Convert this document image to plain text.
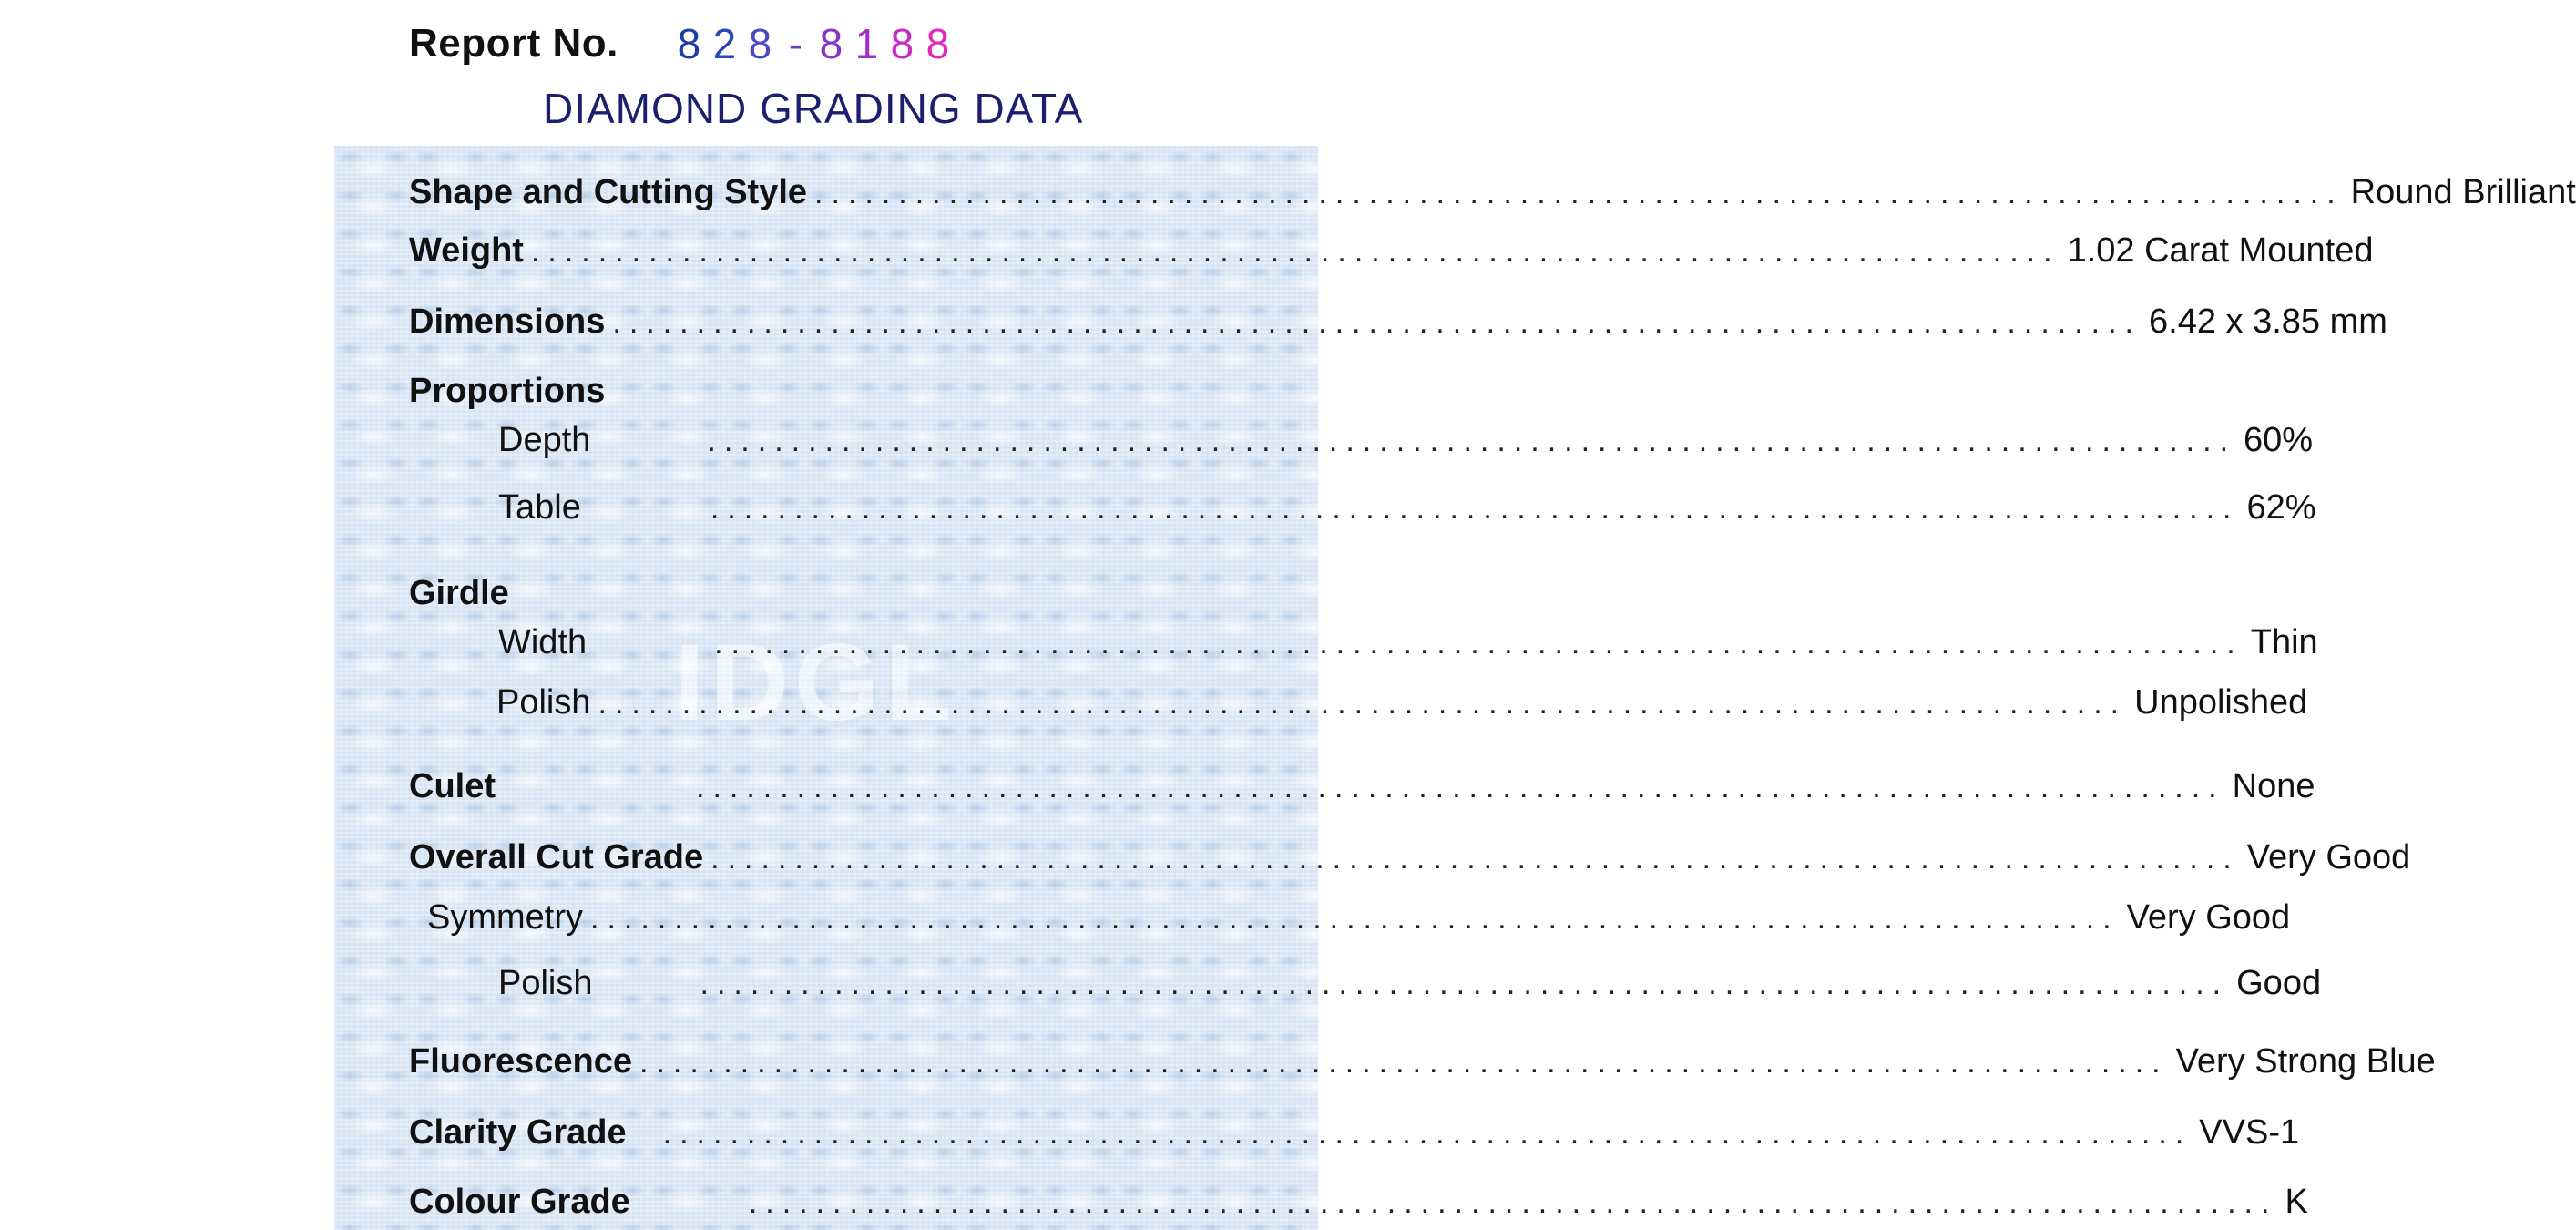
Report No. 8 2 8 - 8 1 8 8
DIAMOND GRADING DATA
IDGL
Shape and Cutting Style ........................................................................................... Round Brilliant
Weight ........................................................................................... 1.02 Carat Mounted
Dimensions ........................................................................................... 6.42 x 3.85 mm
Proportions
Depth	........................................................................................... 60%
Table	........................................................................................... 62%
Girdle
Width	........................................................................................... Thin
Polish ........................................................................................... Unpolished
Culet	........................................................................................... None
Overall Cut Grade ........................................................................................... Very Good
Symmetry ........................................................................................... Very Good
Polish	........................................................................................... Good
Fluorescence ........................................................................................... Very Strong Blue
Clarity Grade ........................................................................................... VVS-1
Colour Grade	........................................................................................... K
